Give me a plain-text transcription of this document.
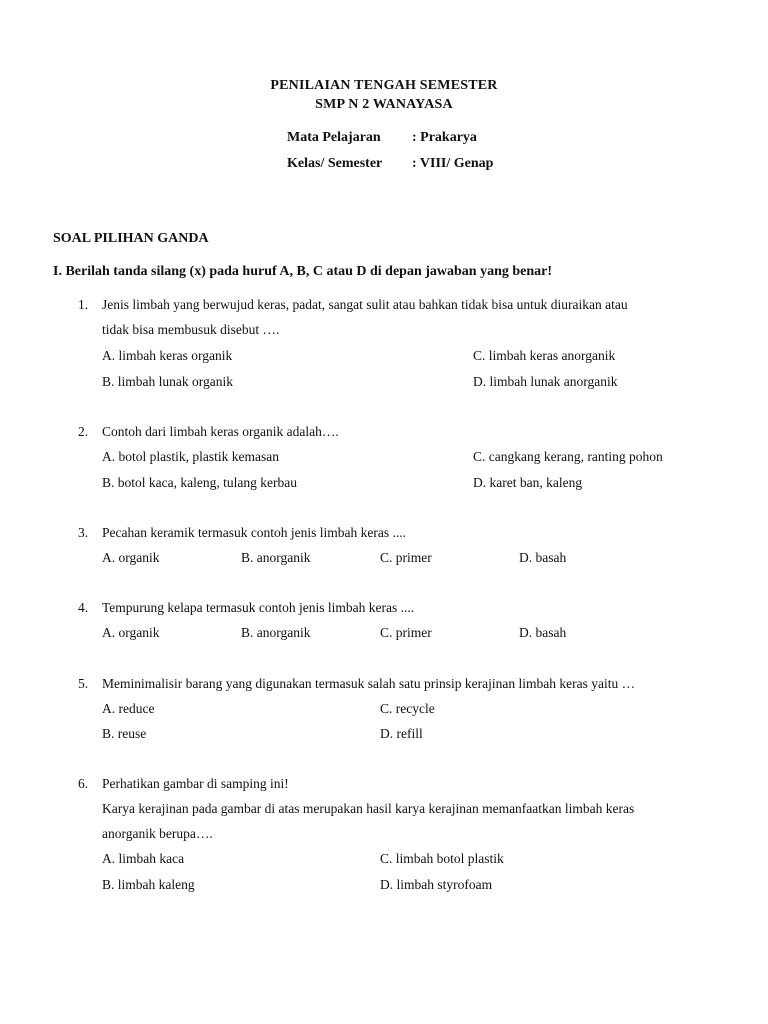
PENILAIAN TENGAH SEMESTER
SMP N 2 WANAYASA
Mata Pelajaran : Prakarya
Kelas/ Semester : VIII/ Genap
SOAL PILIHAN GANDA
I. Berilah tanda silang (x) pada huruf A, B, C atau D di depan jawaban yang benar!
1. Jenis limbah yang berwujud keras, padat, sangat sulit atau bahkan tidak bisa untuk diuraikan atau
tidak bisa membusuk disebut ….
A. limbah keras organik	C. limbah keras anorganik
B. limbah lunak organik	D. limbah lunak anorganik
2. Contoh dari limbah keras organik adalah….
A. botol plastik, plastik kemasan	C. cangkang kerang, ranting pohon
B. botol kaca, kaleng, tulang kerbau	D. karet ban, kaleng
3. Pecahan keramik termasuk contoh jenis limbah keras ....
A. organik	B. anorganik	C. primer	D. basah
4. Tempurung kelapa termasuk contoh jenis limbah keras ....
A. organik	B. anorganik	C. primer	D. basah
5. Meminimalisir barang yang digunakan termasuk salah satu prinsip kerajinan limbah keras yaitu …
A. reduce	C. recycle
B. reuse	D. refill
6. Perhatikan gambar di samping ini!
Karya kerajinan pada gambar di atas merupakan hasil karya kerajinan memanfaatkan limbah keras
anorganik berupa….
A. limbah kaca	C. limbah botol plastik
B. limbah kaleng	D. limbah styrofoam
